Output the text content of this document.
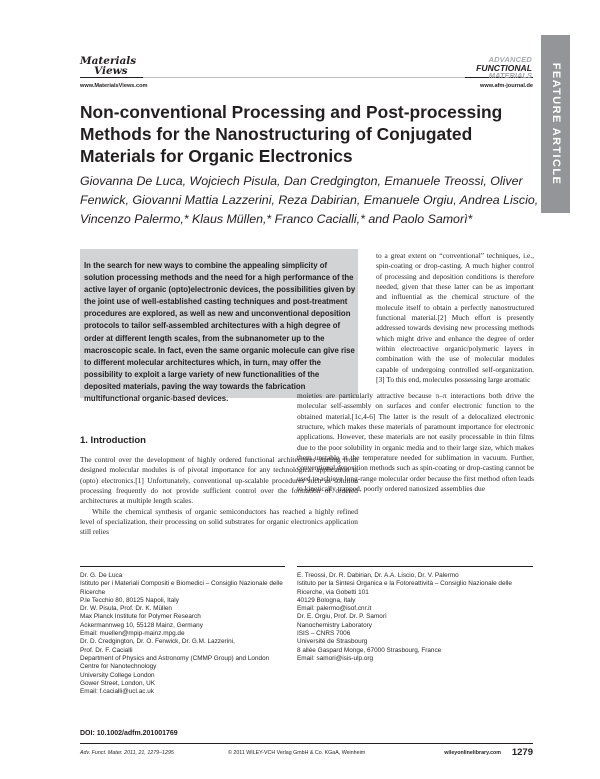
Materials
Views
www.MaterialsViews.com
ADVANCED
FUNCTIONAL
MATERIALS
www.afm-journal.de FEATURE ARTICLE
Non-conventional Processing and Post-processing Methods for the Nanostructuring of Conjugated Materials for Organic Electronics
Giovanna De Luca, Wojciech Pisula, Dan Credgington, Emanuele Treossi, Oliver Fenwick, Giovanni Mattia Lazzerini, Reza Dabirian, Emanuele Orgiu, Andrea Liscio, Vincenzo Palermo,* Klaus Müllen,* Franco Cacialli,* and Paolo Samorì*

In the search for new ways to combine the appealing simplicity of solution processing methods and the need for a high performance of the active layer of organic (opto)electronic devices, the possibilities given by the joint use of well-established casting techniques and post-treatment procedures are explored, as well as new and unconventional deposition protocols to tailor self-assembled architectures with a high degree of order at different length scales, from the subnanometer up to the macroscopic scale. In fact, even the same organic molecule can give rise to different molecular architectures which, in turn, may offer the possibility to exploit a large variety of new functionalities of the deposited materials, paving the way towards the fabrication multifunctional organic-based devices.

to a great extent on “conventional” techniques, i.e., spin-coating or drop-casting. A much higher control of processing and deposition conditions is therefore needed, given that these latter can be as important and influential as the chemical structure of the molecule itself to obtain a perfectly nanostructured functional material.[2] Much effort is presently addressed towards devising new processing methods which might drive and enhance the degree of order within electroactive organic/polymeric layers in combination with the use of molecular modules capable of undergoing controlled self-organization.[3] To this end, molecules possessing large aromatic
1. Introduction

The control over the development of highly ordered functional architectures starting from designed molecular modules is of pivotal importance for any technological application in (opto) electronics.[1] Unfortunately, conventional up-scalable procedures such as solution processing frequently do not provide sufficient control over the formation of ordered architectures at multiple length scales.

While the chemical synthesis of organic semiconductors has reached a highly refined level of specialization, their processing on solid substrates for organic electronics application still relies

moieties are particularly attractive because π–π interactions both drive the molecular self-assembly on surfaces and confer electronic function to the obtained material.[1c,4-6] The latter is the result of a delocalized electronic structure, which makes these materials of paramount importance for electronic applications. However, these materials are not easily processable in thin films due to the poor solubility in organic media and to their large size, which makes them unstable at the temperature needed for sublimation in vacuum. Further, conventional deposition methods such as spin-coating or drop-casting cannot be used to achieve long-range molecular order because the first method often leads to kinetically trapped, poorly ordered nanosized assemblies due
Dr. G. De Luca
Istituto per i Materiali Compositi e Biomedici – Consiglio Nazionale delle Ricerche
P.le Tecchio 80, 80125 Napoli, Italy
Dr. W. Pisula, Prof. Dr. K. Müllen
Max Planck Institute for Polymer Research
Ackermannweg 10, 55128 Mainz, Germany
Email: muellen@mpip-mainz.mpg.de
Dr. D. Credgington, Dr. O. Fenwick, Dr. G.M. Lazzerini,
Prof. Dr. F. Cacialli
Department of Physics and Astronomy (CMMP Group) and London Centre for Nanotechnology
University College London
Gower Street, London, UK
Email: f.cacialli@ucl.ac.uk
E. Treossi, Dr. R. Dabirian, Dr. A.A. Liscio, Dr. V. Palermo
Istituto per la Sintesi Organica e la Fotoreattività – Consiglio Nazionale delle Ricerche, via Gobetti 101
40129 Bologna, Italy
Email: palermo@isof.cnr.it
Dr. E. Orgiu, Prof. Dr. P. Samorì
Nanochemistry Laboratory
ISIS – CNRS 7006
Université de Strasbourg
8 allée Gaspard Monge, 67000 Strasbourg, France
Email: samori@isis-ulp.org
DOI: 10.1002/adfm.201001769
Adv. Funct. Mater. 2011, 21, 1279–1295	© 2011 WILEY-VCH Verlag GmbH & Co. KGaA, Weinheim	wileyonlinelibrary.com	1279
